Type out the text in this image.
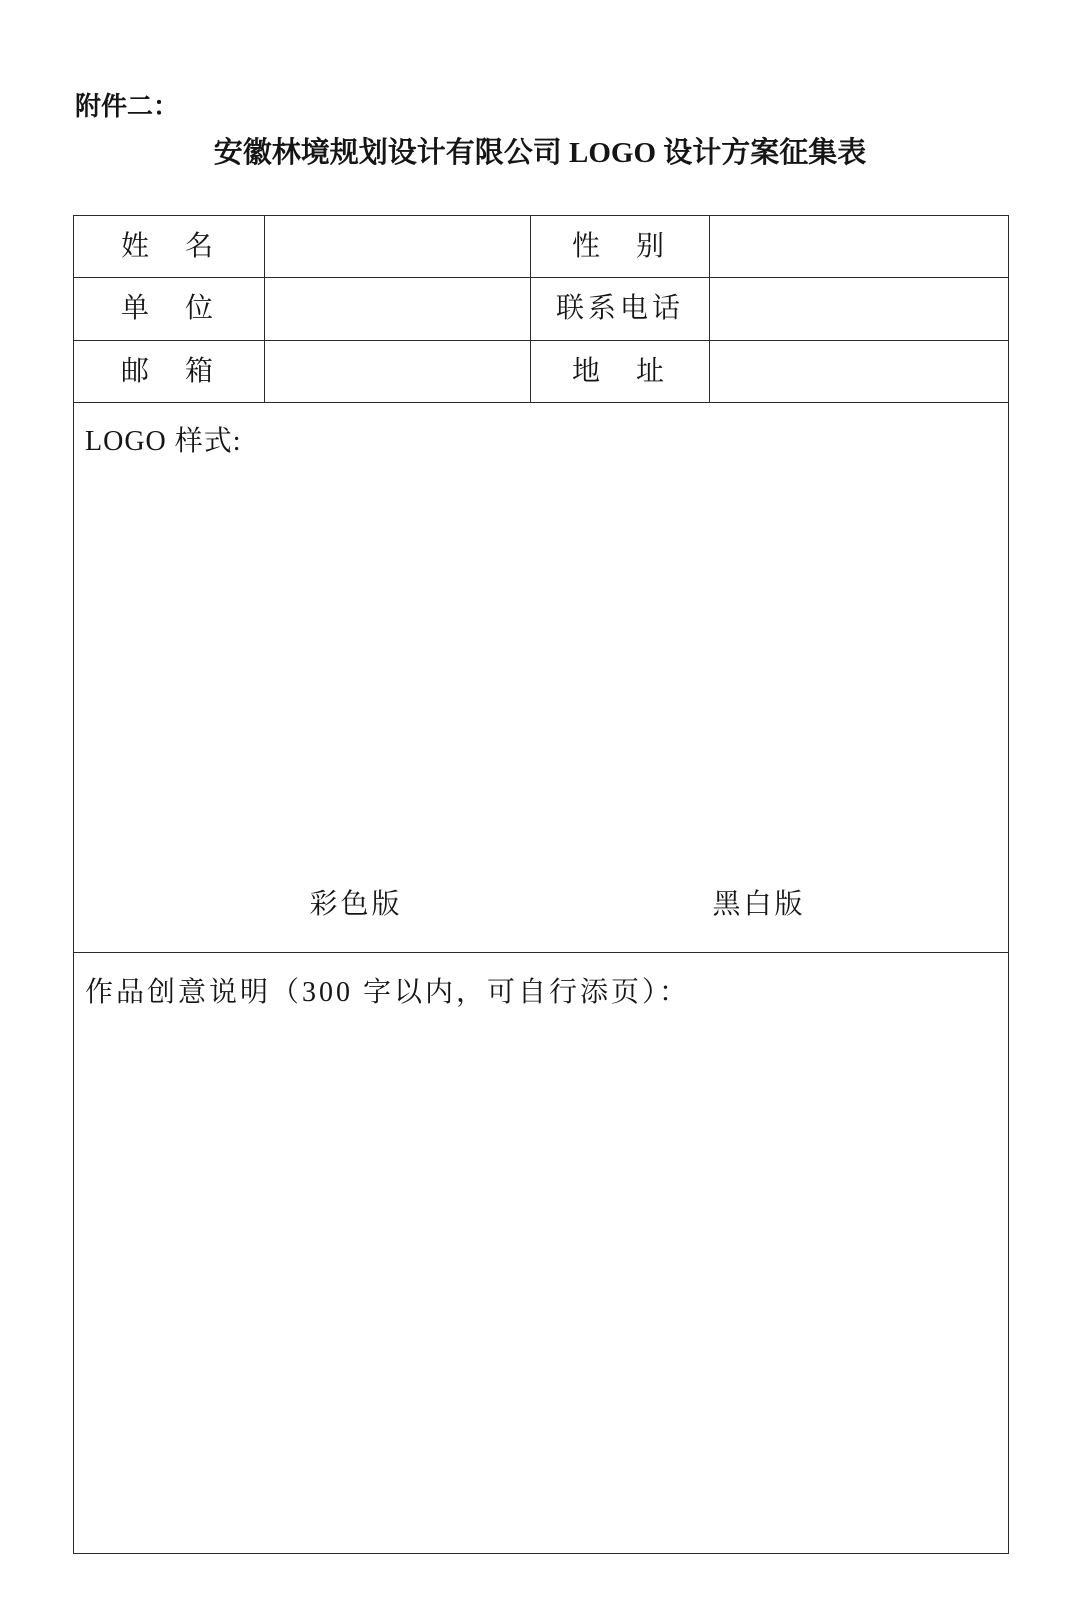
附件二：
安徽林境规划设计有限公司 LOGO 设计方案征集表
姓　名		性　别	
单　位		联系电话	
邮　箱		地　址	

LOGO 样式:
彩色版 黑白版			

作品创意说明（300 字以内，可自行添页）：			
